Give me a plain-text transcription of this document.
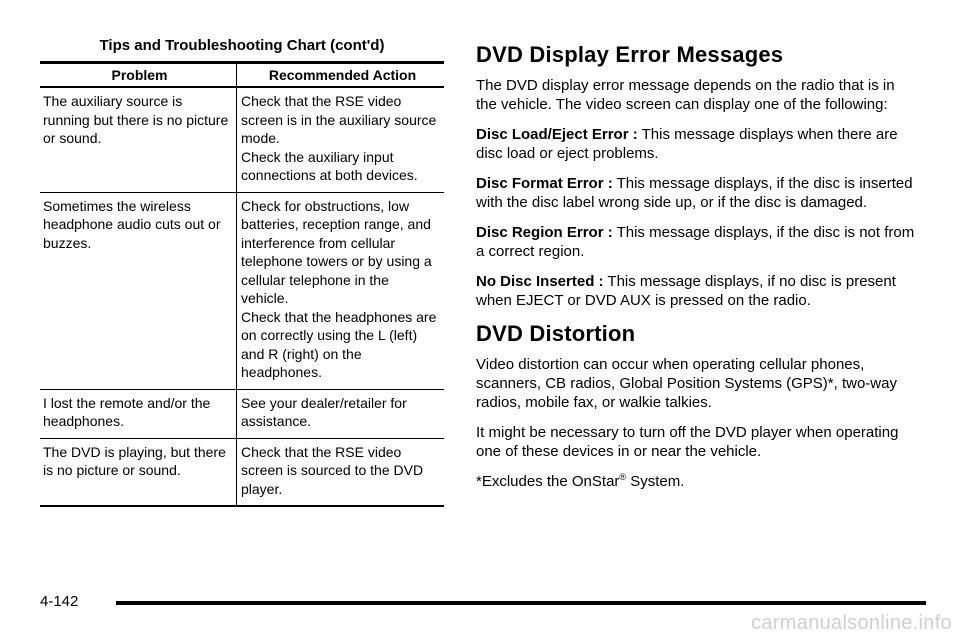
Tips and Troubleshooting Chart (cont'd)
Problem	Recommended Action
The auxiliary source is running but there is no picture or sound.	Check that the RSE video screen is in the auxiliary source mode.
Check the auxiliary input connections at both devices.

Sometimes the wireless headphone audio cuts out or buzzes.	Check for obstructions, low batteries, reception range, and interference from cellular telephone towers or by using a cellular telephone in the vehicle.
Check that the headphones are on correctly using the L (left) and R (right) on the headphones.

I lost the remote and/or the headphones.	See your dealer/retailer for assistance.

The DVD is playing, but there is no picture or sound.	Check that the RSE video screen is sourced to the DVD player.
DVD Display Error Messages

The DVD display error message depends on the radio that is in the vehicle. The video screen can display one of the following:

Disc Load/Eject Error : This message displays when there are disc load or eject problems.

Disc Format Error : This message displays, if the disc is inserted with the disc label wrong side up, or if the disc is damaged.

Disc Region Error : This message displays, if the disc is not from a correct region.

No Disc Inserted : This message displays, if no disc is present when EJECT or DVD AUX is pressed on the radio.

DVD Distortion

Video distortion can occur when operating cellular phones, scanners, CB radios, Global Position Systems (GPS)*, two-way radios, mobile fax, or walkie talkies.

It might be necessary to turn off the DVD player when operating one of these devices in or near the vehicle.

*Excludes the OnStar® System.

4-142
carmanualsonline.info
